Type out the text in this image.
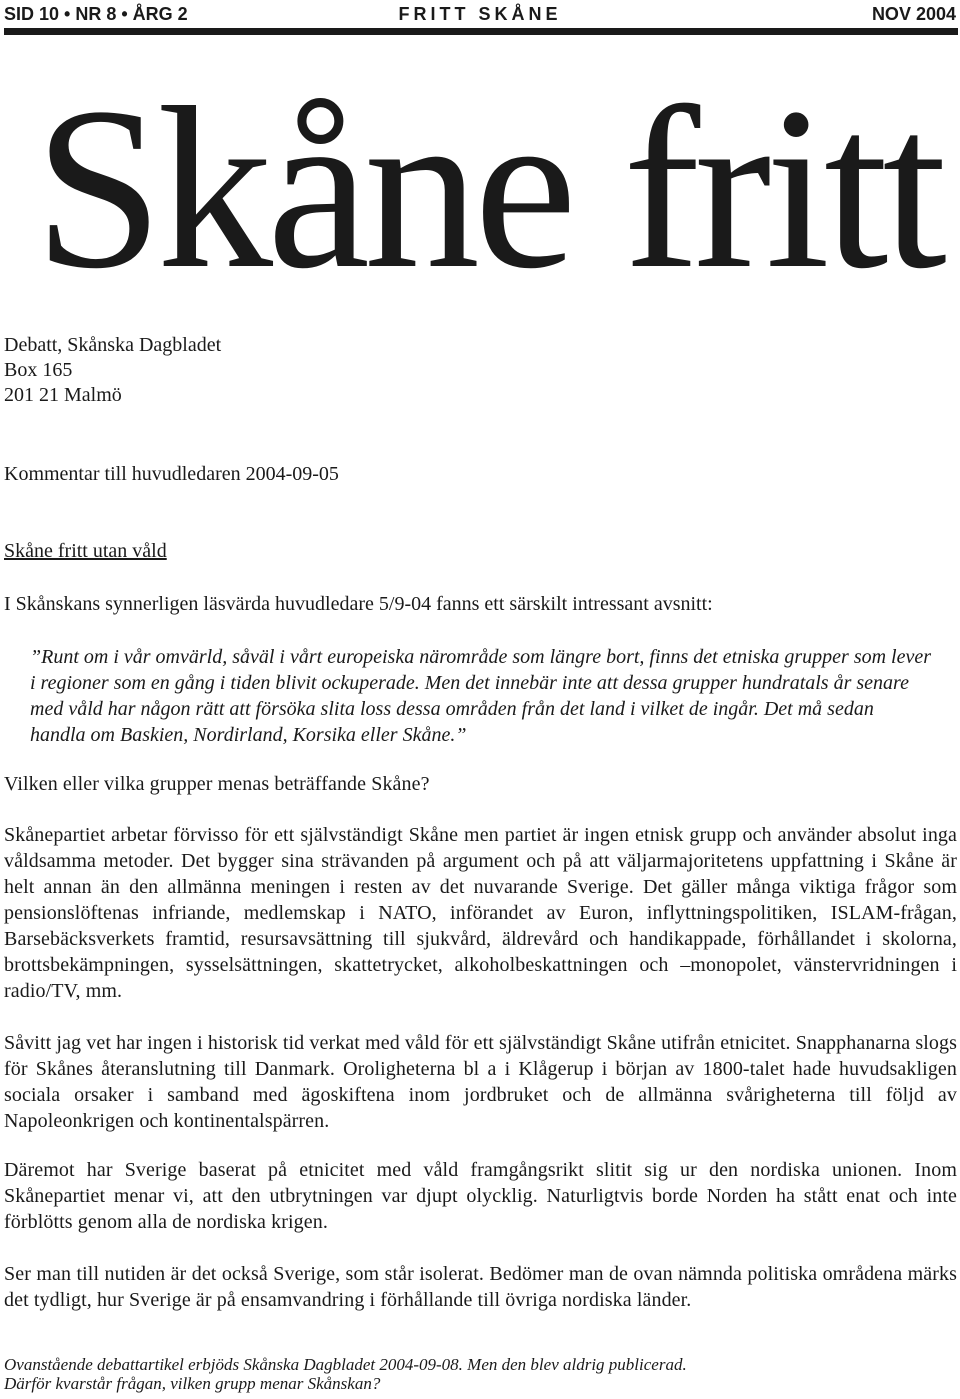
SID 10 • NR 8 • ÅRG 2	FRITT SKÅNE	NOV 2004
Skåne fritt
Debatt, Skånska Dagbladet
Box 165
201 21 Malmö
Kommentar till huvudledaren 2004-09-05
Skåne fritt utan våld
I Skånskans synnerligen läsvärda huvudledare 5/9-04 fanns ett särskilt intressant avsnitt:

”Runt om i vår omvärld, såväl i vårt europeiska närområde som längre bort, finns det etniska grupper som lever i regioner som en gång i tiden blivit ockuperade. Men det innebär inte att dessa grupper hundratals år senare med våld har någon rätt att försöka slita loss dessa områden från det land i vilket de ingår. Det må sedan handla om Baskien, Nordirland, Korsika eller Skåne.”

Vilken eller vilka grupper menas beträffande Skåne?
Skånepartiet arbetar förvisso för ett självständigt Skåne men partiet är ingen etnisk grupp och använder absolut inga våldsamma metoder. Det bygger sina strävanden på argument och på att väljarmajoritetens uppfattning i Skåne är helt annan än den allmänna meningen i resten av det nuvarande Sverige. Det gäller många viktiga frågor som pensionslöftenas infriande, medlemskap i NATO, införandet av Euron, inflyttningspolitiken, ISLAM-frågan, Barsebäcksverkets framtid, resursavsättning till sjukvård, äldrevård och handikappade, förhållandet i skolorna, brottsbekämpningen, sysselsättningen, skattetrycket, alkoholbeskattningen och –monopolet, vänstervridningen i radio/TV, mm.
Såvitt jag vet har ingen i historisk tid verkat med våld för ett självständigt Skåne utifrån etnicitet. Snapphanarna slogs för Skånes återanslutning till Danmark. Oroligheterna bl a i Klågerup i början av 1800-talet hade huvudsakligen sociala orsaker i samband med ägoskiftena inom jordbruket och de allmänna svårigheterna till följd av Napoleonkrigen och kontinentalspärren.
Däremot har Sverige baserat på etnicitet med våld framgångsrikt slitit sig ur den nordiska unionen. Inom Skånepartiet menar vi, att den utbrytningen var djupt olycklig. Naturligtvis borde Norden ha stått enat och inte förblötts genom alla de nordiska krigen.
Ser man till nutiden är det också Sverige, som står isolerat. Bedömer man de ovan nämnda politiska områdena märks det tydligt, hur Sverige är på ensamvandring i förhållande till övriga nordiska länder.
Ovanstående debattartikel erbjöds Skånska Dagbladet 2004-09-08. Men den blev aldrig publicerad.
Därför kvarstår frågan, vilken grupp menar Skånskan?
